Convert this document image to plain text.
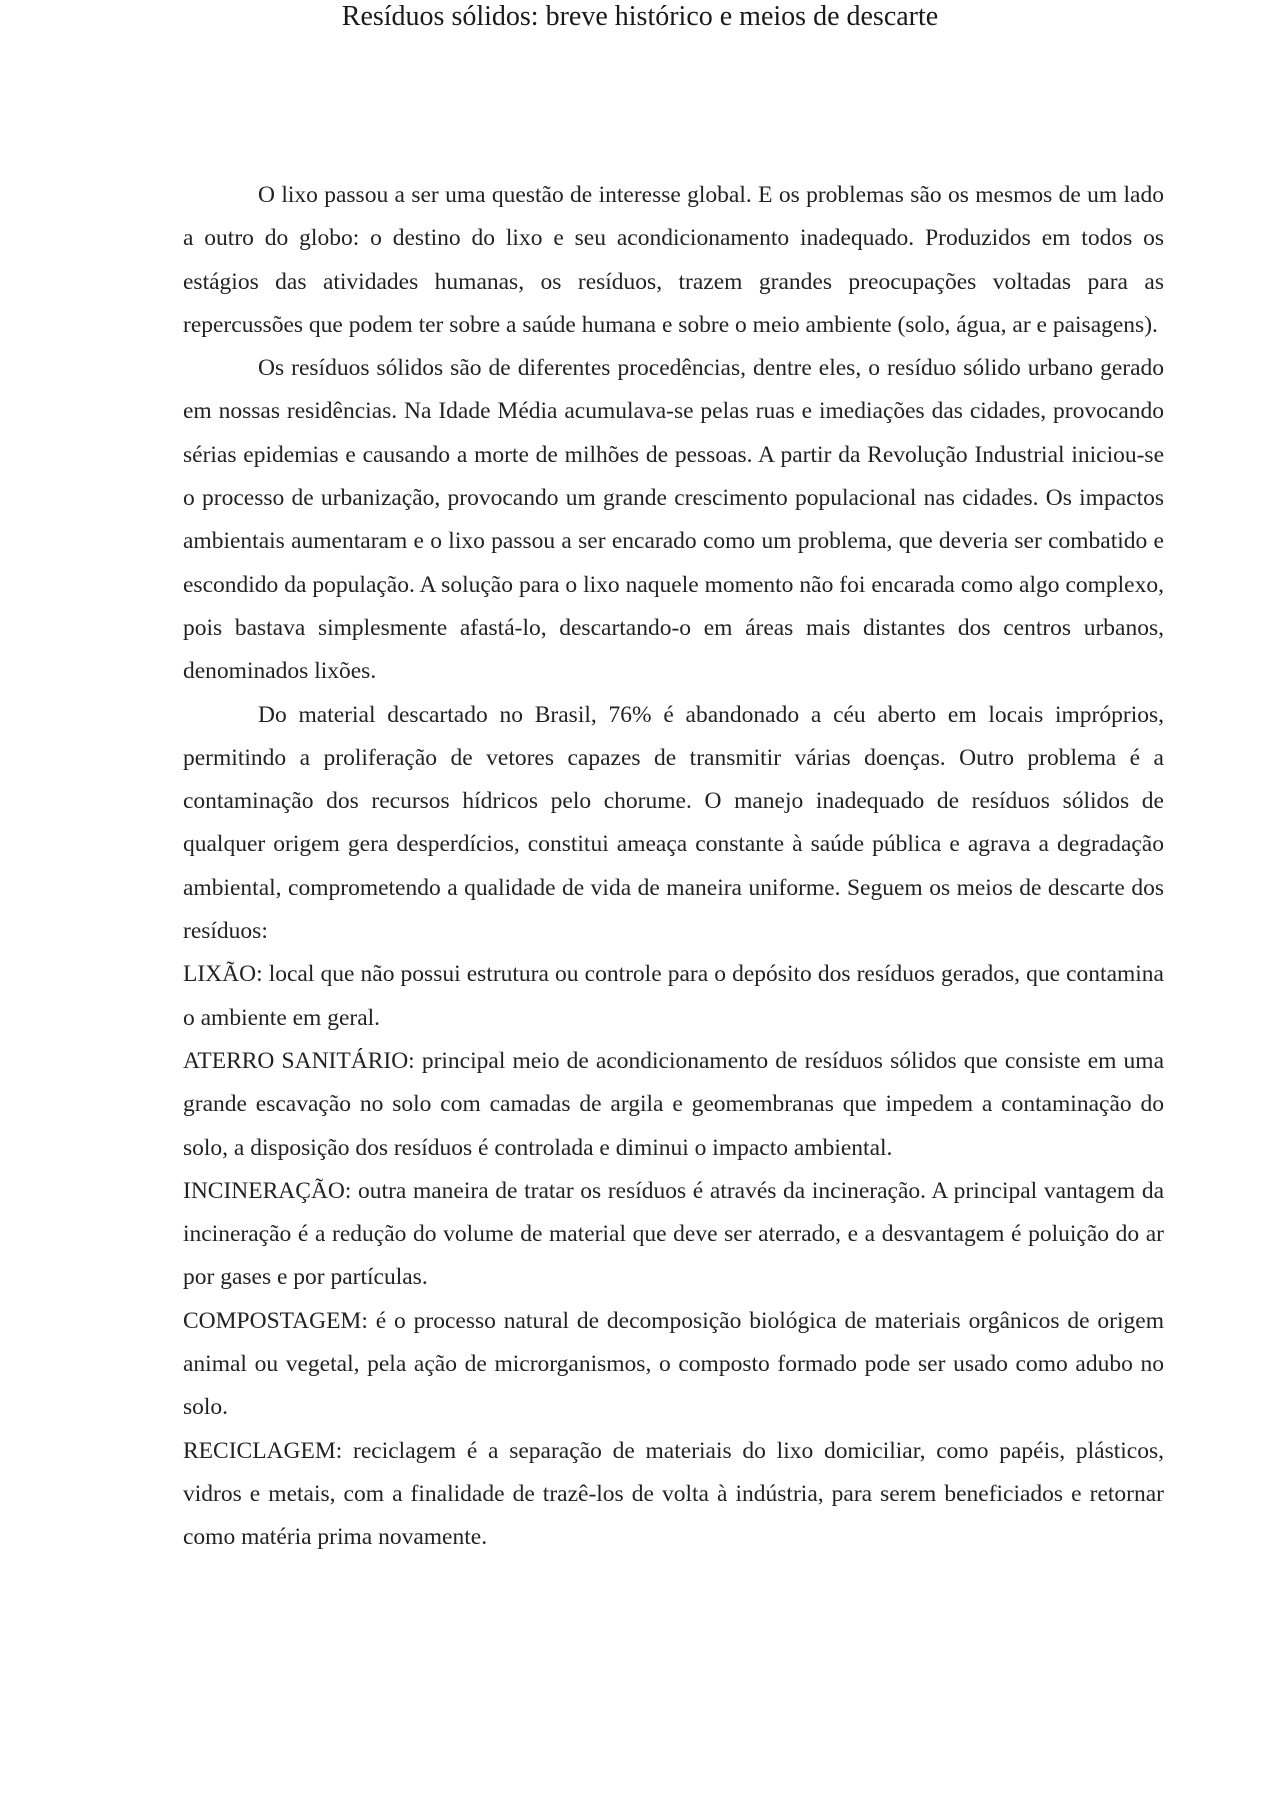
Resíduos sólidos: breve histórico e meios de descarte

O lixo passou a ser uma questão de interesse global. E os problemas são os mesmos de um lado a outro do globo: o destino do lixo e seu acondicionamento inadequado. Produzidos em todos os estágios das atividades humanas, os resíduos, trazem grandes preocupações voltadas para as repercussões que podem ter sobre a saúde humana e sobre o meio ambiente (solo, água, ar e paisagens).

Os resíduos sólidos são de diferentes procedências, dentre eles, o resíduo sólido urbano gerado em nossas residências. Na Idade Média acumulava-se pelas ruas e imediações das cidades, provocando sérias epidemias e causando a morte de milhões de pessoas. A partir da Revolução Industrial iniciou-se o processo de urbanização, provocando um grande crescimento populacional nas cidades. Os impactos ambientais aumentaram e o lixo passou a ser encarado como um problema, que deveria ser combatido e escondido da população. A solução para o lixo naquele momento não foi encarada como algo complexo, pois bastava simplesmente afastá-lo, descartando-o em áreas mais distantes dos centros urbanos, denominados lixões.

Do material descartado no Brasil, 76% é abandonado a céu aberto em locais impróprios, permitindo a proliferação de vetores capazes de transmitir várias doenças. Outro problema é a contaminação dos recursos hídricos pelo chorume. O manejo inadequado de resíduos sólidos de qualquer origem gera desperdícios, constitui ameaça constante à saúde pública e agrava a degradação ambiental, comprometendo a qualidade de vida de maneira uniforme. Seguem os meios de descarte dos resíduos:

LIXÃO: local que não possui estrutura ou controle para o depósito dos resíduos gerados, que contamina o ambiente em geral.

ATERRO SANITÁRIO: principal meio de acondicionamento de resíduos sólidos que consiste em uma grande escavação no solo com camadas de argila e geomembranas que impedem a contaminação do solo, a disposição dos resíduos é controlada e diminui o impacto ambiental.

INCINERAÇÃO: outra maneira de tratar os resíduos é através da incineração. A principal vantagem da incineração é a redução do volume de material que deve ser aterrado, e a desvantagem é poluição do ar por gases e por partículas.

COMPOSTAGEM: é o processo natural de decomposição biológica de materiais orgânicos de origem animal ou vegetal, pela ação de microrganismos, o composto formado pode ser usado como adubo no solo.

RECICLAGEM: reciclagem é a separação de materiais do lixo domiciliar, como papéis, plásticos, vidros e metais, com a finalidade de trazê-los de volta à indústria, para serem beneficiados e retornar como matéria prima novamente.
